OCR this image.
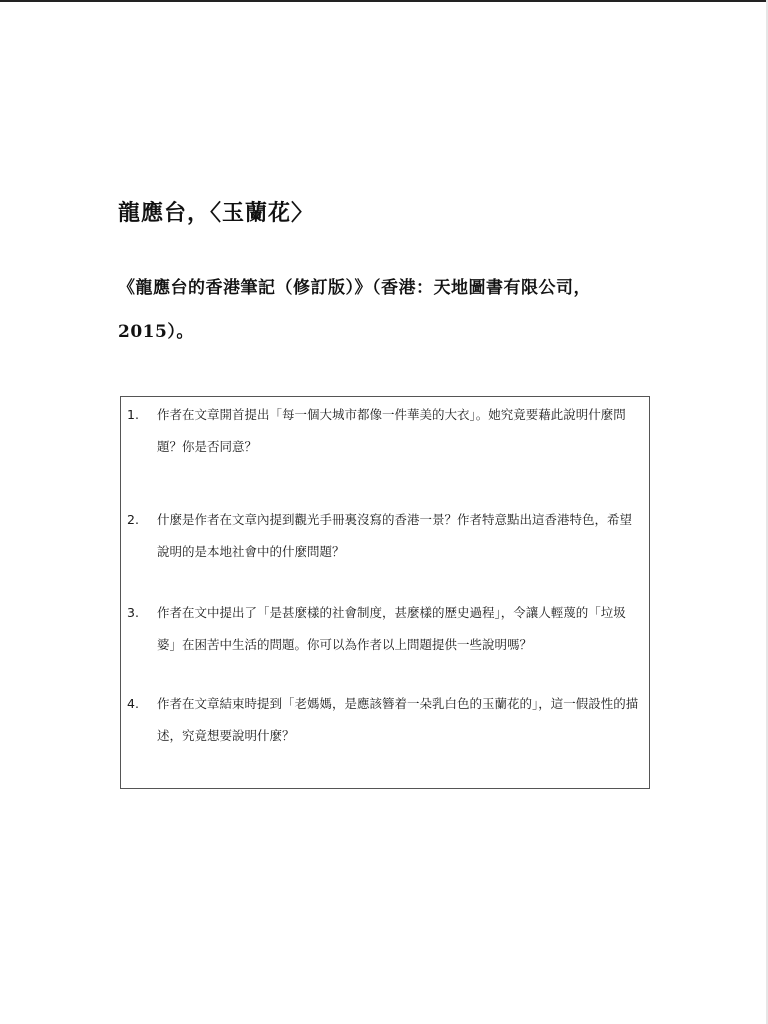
龍應台，〈玉蘭花〉
《龍應台的香港筆記（修訂版）》（香港：天地圖書有限公司，2015）。
1.	作者在文章開首提出「每一個大城市都像一件華美的大衣」。她究竟要藉此說明什麼問題？你是否同意？
2.	什麼是作者在文章內提到觀光手冊裏沒寫的香港一景？作者特意點出這香港特色，希望說明的是本地社會中的什麼問題？
3.	作者在文中提出了「是甚麼樣的社會制度，甚麼樣的歷史過程」，令讓人輕蔑的「垃圾婆」在困苦中生活的問題。你可以為作者以上問題提供一些說明嗎？
4.	作者在文章結束時提到「老媽媽，是應該簪着一朵乳白色的玉蘭花的」，這一假設性的描述，究竟想要說明什麼？
